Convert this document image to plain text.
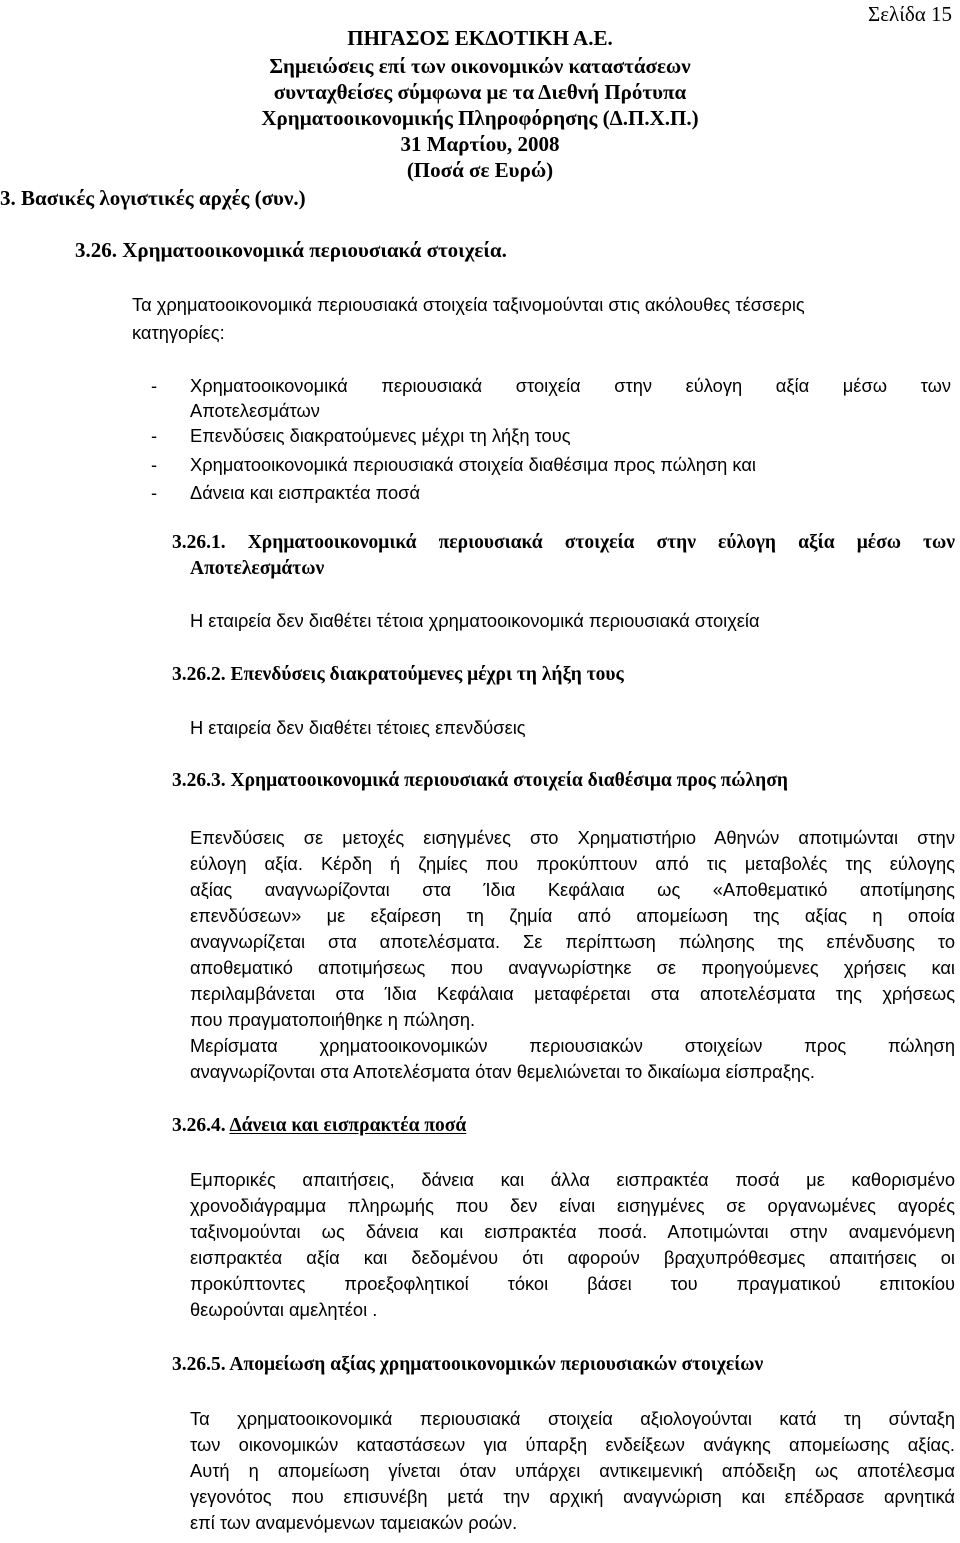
Σελίδα 15
ΠΗΓΑΣΟΣ ΕΚΔΟΤΙΚΗ Α.Ε.
Σημειώσεις επί των οικονομικών καταστάσεων
συνταχθείσες σύμφωνα με τα Διεθνή Πρότυπα
Χρηματοοικονομικής Πληροφόρησης (Δ.Π.Χ.Π.)
31 Μαρτίου, 2008
(Ποσά σε Ευρώ)
3. Βασικές λογιστικές αρχές (συν.)
3.26. Χρηματοοικονομικά περιουσιακά στοιχεία.
Τα χρηματοοικονομικά περιουσιακά στοιχεία ταξινομούνται στις ακόλουθες τέσσερις
κατηγορίες:
- Χρηματοοικονομικά περιουσιακά στοιχεία στην εύλογη αξία μέσω των
Αποτελεσμάτων
- Επενδύσεις διακρατούμενες μέχρι τη λήξη τους
- Χρηματοοικονομικά περιουσιακά στοιχεία διαθέσιμα προς πώληση και
- Δάνεια και εισπρακτέα ποσά
3.26.1. Χρηματοοικονομικά περιουσιακά στοιχεία στην εύλογη αξία μέσω των
Αποτελεσμάτων
Η εταιρεία δεν διαθέτει τέτοια χρηματοοικονομικά περιουσιακά στοιχεία
3.26.2. Επενδύσεις διακρατούμενες μέχρι τη λήξη τους
Η εταιρεία δεν διαθέτει τέτοιες επενδύσεις
3.26.3. Χρηματοοικονομικά περιουσιακά στοιχεία διαθέσιμα προς πώληση
Επενδύσεις σε μετοχές εισηγμένες στο Χρηματιστήριο Αθηνών αποτιμώνται στην
εύλογη αξία. Κέρδη ή ζημίες που προκύπτουν από τις μεταβολές της εύλογης
αξίας αναγνωρίζονται στα Ίδια Κεφάλαια ως «Αποθεματικό αποτίμησης
επενδύσεων» με εξαίρεση τη ζημία από απομείωση της αξίας η οποία
αναγνωρίζεται στα αποτελέσματα. Σε περίπτωση πώλησης της επένδυσης το
αποθεματικό αποτιμήσεως που αναγνωρίστηκε σε προηγούμενες χρήσεις και
περιλαμβάνεται στα Ίδια Κεφάλαια μεταφέρεται στα αποτελέσματα της χρήσεως
που πραγματοποιήθηκε η πώληση.
Μερίσματα χρηματοοικονομικών περιουσιακών στοιχείων προς πώληση
αναγνωρίζονται στα Αποτελέσματα όταν θεμελιώνεται το δικαίωμα είσπραξης.
3.26.4. Δάνεια και εισπρακτέα ποσά
Εμπορικές απαιτήσεις, δάνεια και άλλα εισπρακτέα ποσά με καθορισμένο
χρονοδιάγραμμα πληρωμής που δεν είναι εισηγμένες σε οργανωμένες αγορές
ταξινομούνται ως δάνεια και εισπρακτέα ποσά. Αποτιμώνται στην αναμενόμενη
εισπρακτέα αξία και δεδομένου ότι αφορούν βραχυπρόθεσμες απαιτήσεις οι
προκύπτοντες προεξοφλητικοί τόκοι βάσει του πραγματικού επιτοκίου
θεωρούνται αμελητέοι .
3.26.5. Απομείωση αξίας χρηματοοικονομικών περιουσιακών στοιχείων
Τα χρηματοοικονομικά περιουσιακά στοιχεία αξιολογούνται κατά τη σύνταξη
των οικονομικών καταστάσεων για ύπαρξη ενδείξεων ανάγκης απομείωσης αξίας.
Αυτή η απομείωση γίνεται όταν υπάρχει αντικειμενική απόδειξη ως αποτέλεσμα
γεγονότος που επισυνέβη μετά την αρχική αναγνώριση και επέδρασε αρνητικά
επί των αναμενόμενων ταμειακών ροών.
